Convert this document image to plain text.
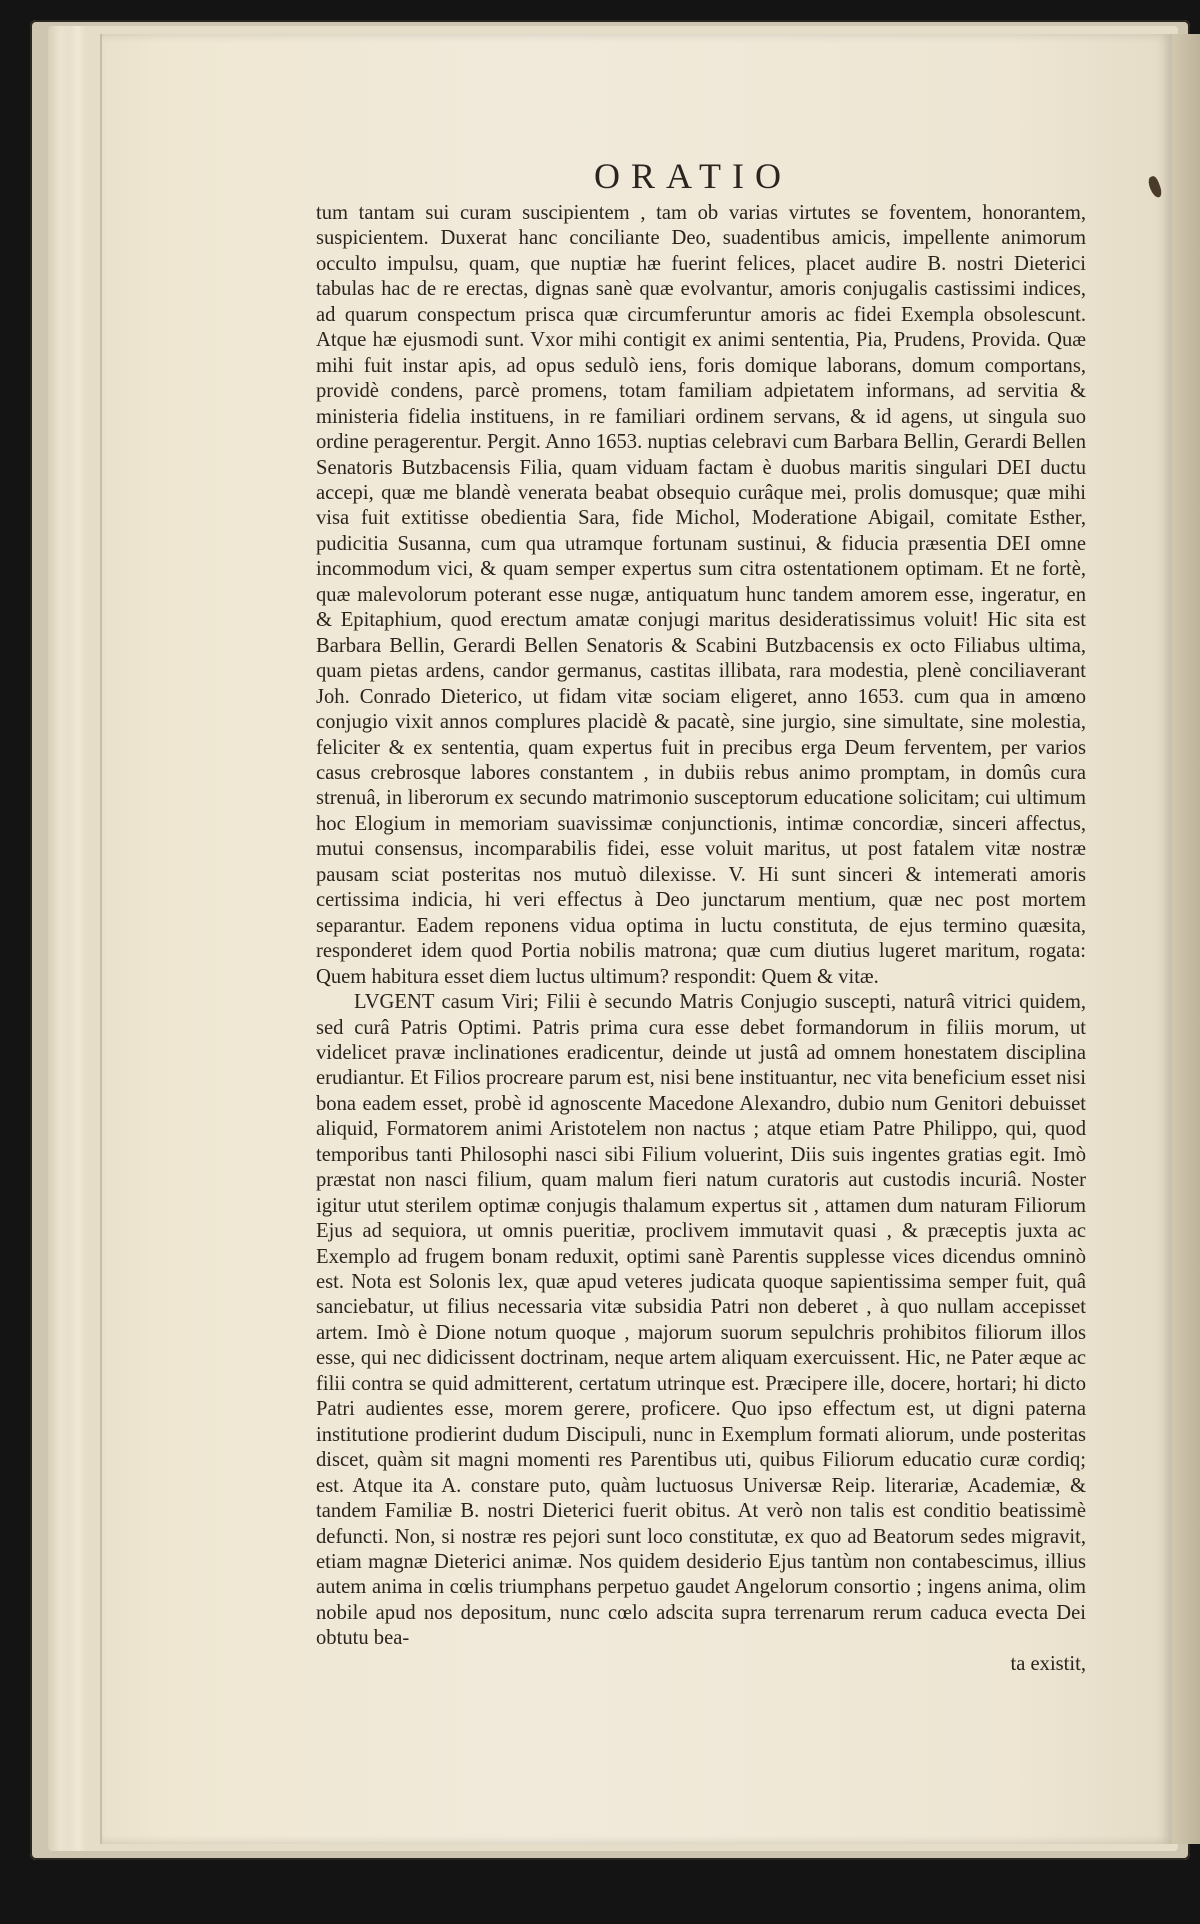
ORATIO

tum tantam sui curam suscipientem , tam ob varias virtutes se foventem, honorantem, suspicientem. Duxerat hanc conciliante Deo, suadentibus amicis, impellente animorum occulto impulsu, quam, que nuptiæ hæ fuerint felices, placet audire B. nostri Dieterici tabulas hac de re erectas, dignas sanè quæ evolvantur, amoris conjugalis castissimi indices, ad quarum conspectum prisca quæ circumferuntur amoris ac fidei Exempla obsolescunt. Atque hæ ejusmodi sunt. Vxor mihi contigit ex animi sententia, Pia, Prudens, Provida. Quæ mihi fuit instar apis, ad opus sedulò iens, foris domique laborans, domum comportans, providè condens, parcè promens, totam familiam adpietatem informans, ad servitia & ministeria fidelia instituens, in re familiari ordinem servans, & id agens, ut singula suo ordine peragerentur. Pergit. Anno 1653. nuptias celebravi cum Barbara Bellin, Gerardi Bellen Senatoris Butzbacensis Filia, quam viduam factam è duobus maritis singulari DEI ductu accepi, quæ me blandè venerata beabat obsequio curâque mei, prolis domusque; quæ mihi visa fuit extitisse obedientia Sara, fide Michol, Moderatione Abigail, comitate Esther, pudicitia Susanna, cum qua utramque fortunam sustinui, & fiducia præsentia DEI omne incommodum vici, & quam semper expertus sum citra ostentationem optimam. Et ne fortè, quæ malevolorum poterant esse nugæ, antiquatum hunc tandem amorem esse, ingeratur, en & Epitaphium, quod erectum amatæ conjugi maritus desideratissimus voluit! Hic sita est Barbara Bellin, Gerardi Bellen Senatoris & Scabini Butzbacensis ex octo Filiabus ultima, quam pietas ardens, candor germanus, castitas illibata, rara modestia, plenè conciliaverant Joh. Conrado Dieterico, ut fidam vitæ sociam eligeret, anno 1653. cum qua in amœno conjugio vixit annos complures placidè & pacatè, sine jurgio, sine simultate, sine molestia, feliciter & ex sententia, quam expertus fuit in precibus erga Deum ferventem, per varios casus crebrosque labores constantem , in dubiis rebus animo promptam, in domûs cura strenuâ, in liberorum ex secundo matrimonio susceptorum educatione solicitam; cui ultimum hoc Elogium in memoriam suavissimæ conjunctionis, intimæ concordiæ, sinceri affectus, mutui consensus, incomparabilis fidei, esse voluit maritus, ut post fatalem vitæ nostræ pausam sciat posteritas nos mutuò dilexisse. V. Hi sunt sinceri & intemerati amoris certissima indicia, hi veri effectus à Deo junctarum mentium, quæ nec post mortem separantur. Eadem reponens vidua optima in luctu constituta, de ejus termino quæsita, responderet idem quod Portia nobilis matrona; quæ cum diutius lugeret maritum, rogata: Quem habitura esset diem luctus ultimum? respondit: Quem & vitæ.

LVGENT casum Viri; Filii è secundo Matris Conjugio suscepti, naturâ vitrici quidem, sed curâ Patris Optimi. Patris prima cura esse debet formandorum in filiis morum, ut videlicet pravæ inclinationes eradicentur, deinde ut justâ ad omnem honestatem disciplina erudiantur. Et Filios procreare parum est, nisi bene instituantur, nec vita beneficium esset nisi bona eadem esset, probè id agnoscente Macedone Alexandro, dubio num Genitori debuisset aliquid, Formatorem animi Aristotelem non nactus ; atque etiam Patre Philippo, qui, quod temporibus tanti Philosophi nasci sibi Filium voluerint, Diis suis ingentes gratias egit. Imò præstat non nasci filium, quam malum fieri natum curatoris aut custodis incuriâ. Noster igitur utut sterilem optimæ conjugis thalamum expertus sit , attamen dum naturam Filiorum Ejus ad sequiora, ut omnis pueritiæ, proclivem immutavit quasi , & præceptis juxta ac Exemplo ad frugem bonam reduxit, optimi sanè Parentis supplesse vices dicendus omninò est. Nota est Solonis lex, quæ apud veteres judicata quoque sapientissima semper fuit, quâ sanciebatur, ut filius necessaria vitæ subsidia Patri non deberet , à quo nullam accepisset artem. Imò è Dione notum quoque , majorum suorum sepulchris prohibitos filiorum illos esse, qui nec didicissent doctrinam, neque artem aliquam exercuissent. Hic, ne Pater æque ac filii contra se quid admitterent, certatum utrinque est. Præcipere ille, docere, hortari; hi dicto Patri audientes esse, morem gerere, proficere. Quo ipso effectum est, ut digni paterna institutione prodierint dudum Discipuli, nunc in Exemplum formati aliorum, unde posteritas discet, quàm sit magni momenti res Parentibus uti, quibus Filiorum educatio curæ cordiq; est. Atque ita A. constare puto, quàm luctuosus Universæ Reip. literariæ, Academiæ, & tandem Familiæ B. nostri Dieterici fuerit obitus. At verò non talis est conditio beatissimè defuncti. Non, si nostræ res pejori sunt loco constitutæ, ex quo ad Beatorum sedes migravit, etiam magnæ Dieterici animæ. Nos quidem desiderio Ejus tantùm non contabescimus, illius autem anima in cœlis triumphans perpetuo gaudet Angelorum consortio ; ingens anima, olim nobile apud nos depositum, nunc cœlo adscita supra terrenarum rerum caduca evecta Dei obtutu bea-

ta existit,
